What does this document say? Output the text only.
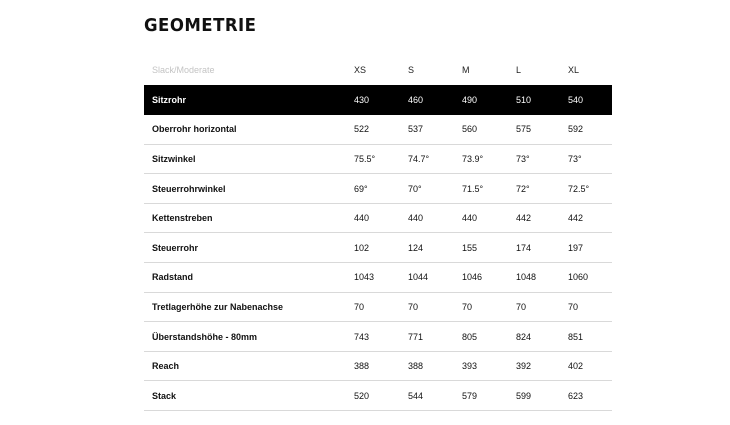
GEOMETRIE
Slack/Moderate	XS	S	M	L	XL
Sitzrohr	430	460	490	510	540
Oberrohr horizontal	522	537	560	575	592
Sitzwinkel	75.5°	74.7°	73.9°	73°	73°
Steuerrohrwinkel	69°	70°	71.5°	72°	72.5°
Kettenstreben	440	440	440	442	442
Steuerrohr	102	124	155	174	197
Radstand	1043	1044	1046	1048	1060
Tretlagerhöhe zur Nabenachse	70	70	70	70	70
Überstandshöhe - 80mm	743	771	805	824	851
Reach	388	388	393	392	402
Stack	520	544	579	599	623
